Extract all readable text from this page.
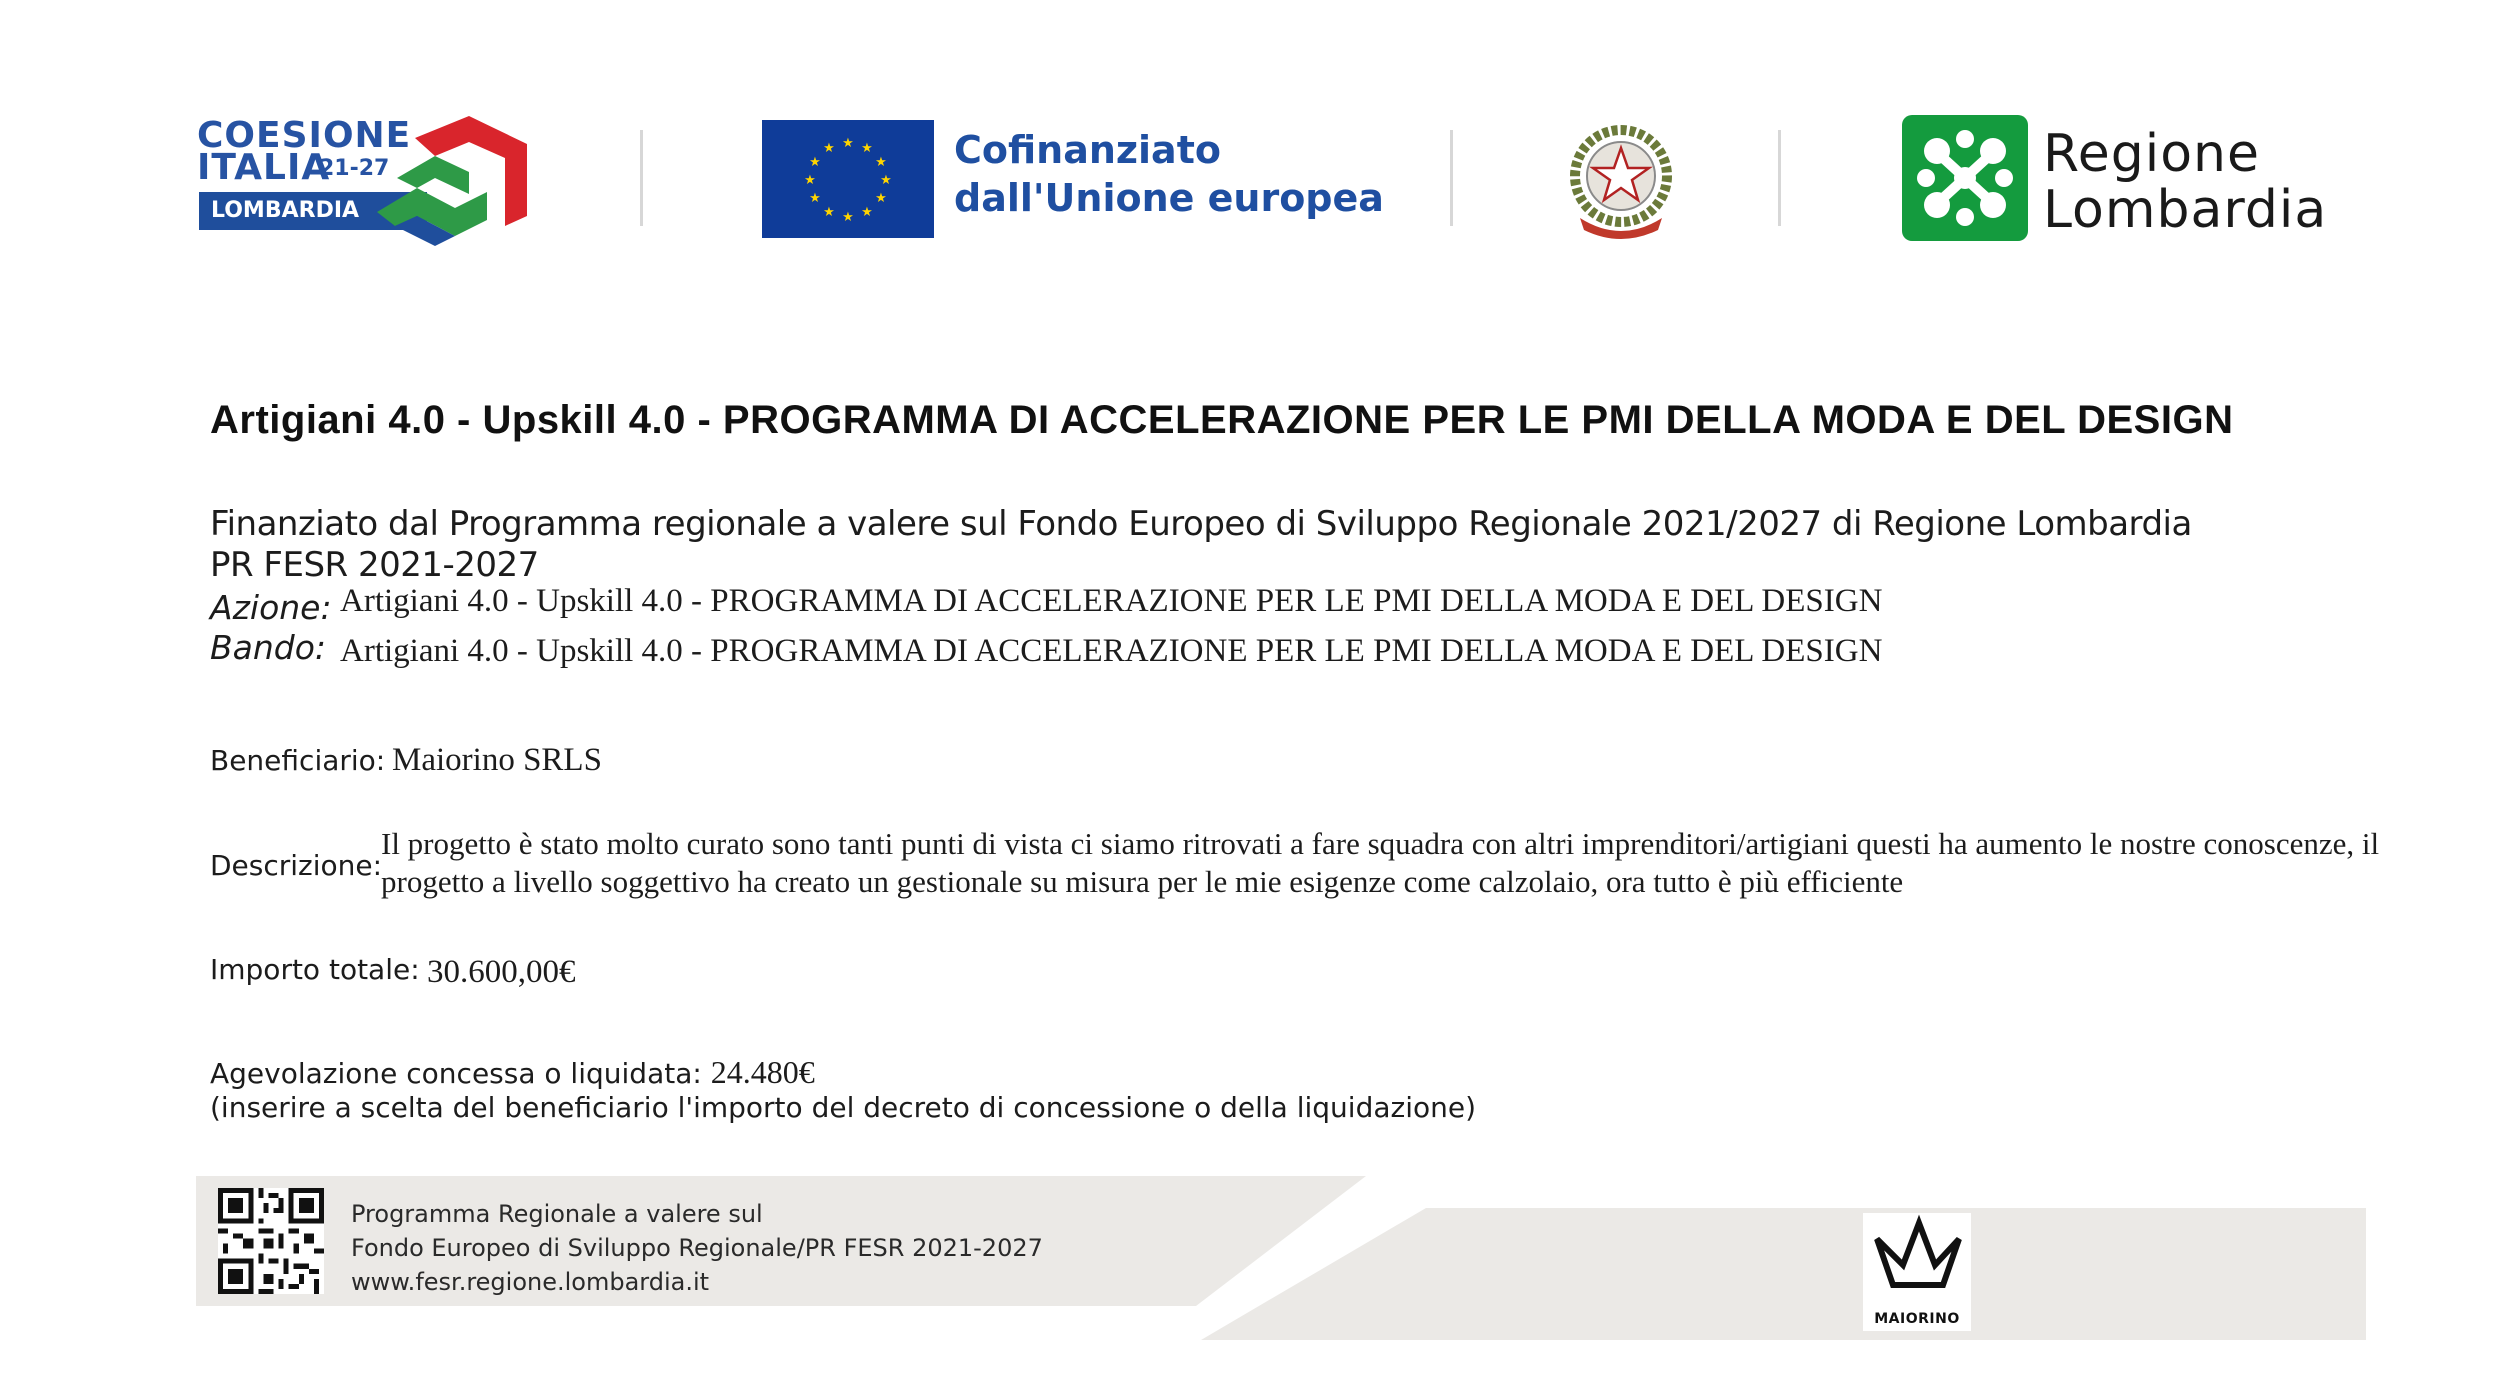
COESIONE
ITALIA
21-27
LOMBARDIA
★ ★
★
★
★
★
★
★
★
★
★
★	Cofinanziato
dall'Unione europea
Regione
Lombardia
Artigiani 4.0 - Upskill 4.0 - PROGRAMMA DI ACCELERAZIONE PER LE PMI DELLA MODA E DEL DESIGN
Finanziato dal Programma regionale a valere sul Fondo Europeo di Sviluppo Regionale 2021/2027 di Regione Lombardia
PR FESR 2021-2027
Azione: Artigiani 4.0 - Upskill 4.0 - PROGRAMMA DI ACCELERAZIONE PER LE PMI DELLA MODA E DEL DESIGN
Bando: Artigiani 4.0 - Upskill 4.0 - PROGRAMMA DI ACCELERAZIONE PER LE PMI DELLA MODA E DEL DESIGN
Beneficiario: Maiorino SRLS
Descrizione:
Il progetto è stato molto curato sono tanti punti di vista ci siamo ritrovati a fare squadra con altri imprenditori/artigiani questi ha aumento le nostre conoscenze, il progetto a livello soggettivo ha creato un gestionale su misura per le mie esigenze come calzolaio, ora tutto è più efficiente
Importo totale: 30.600,00€
Agevolazione concessa o liquidata: 24.480€
(inserire a scelta del beneficiario l'importo del decreto di concessione o della liquidazione)
Programma Regionale a valere sul
Fondo Europeo di Sviluppo Regionale/PR FESR 2021-2027
www.fesr.regione.lombardia.it
MAIORINO
